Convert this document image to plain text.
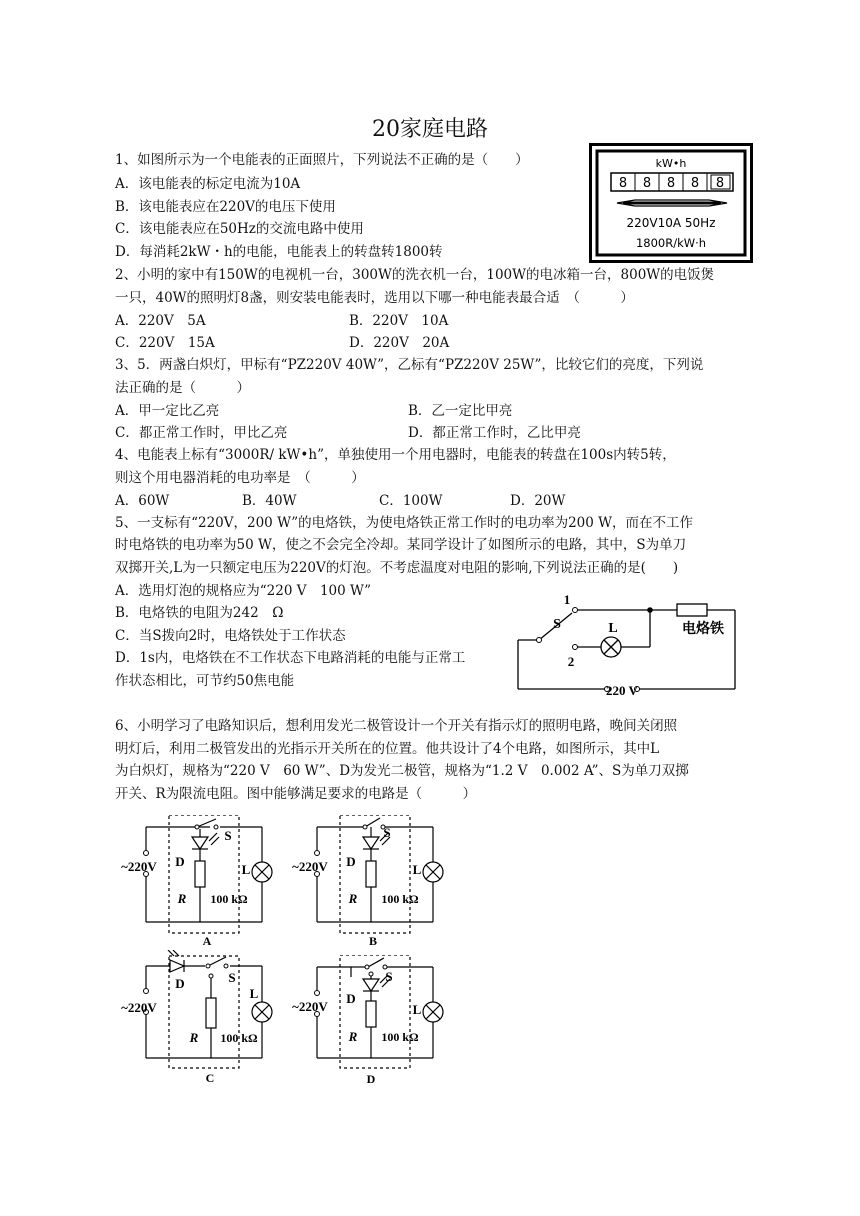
20家庭电路
1、如图所示为一个电能表的正面照片，下列说法不正确的是（　　）
A．该电能表的标定电流为10A
B．该电能表应在220V的电压下使用
C．该电能表应在50Hz的交流电路中使用
D．每消耗2kW・h的电能，电能表上的转盘转1800转
kW•h
8 8 8 8 8
220V10A 50Hz
1800R/kW·h
2、小明的家中有150W的电视机一台，300W的洗衣机一台，100W的电冰箱一台，800W的电饭煲
一只，40W的照明灯8盏，则安装电能表时，选用以下哪一种电能表最合适　（　　　）
A．220V　5A	B．220V　10A
C．220V　15A	D．220V　20A
3、5．两盏白炽灯，甲标有“PZ220V 40W”，乙标有“PZ220V 25W”，比较它们的亮度，下列说
法正确的是（　　　）
A．甲一定比乙亮	B．乙一定比甲亮
C．都正常工作时，甲比乙亮	D．都正常工作时，乙比甲亮
4、电能表上标有“3000R/ kW•h”，单独使用一个用电器时，电能表的转盘在100s内转5转，
则这个用电器消耗的电功率是　（　　　）
A．60W	B．40W	C．100W	D．20W
5、一支标有“220V，200 W”的电烙铁，为使电烙铁正常工作时的电功率为200 W，而在不工作
时电烙铁的电功率为50 W，使之不会完全冷却。某同学设计了如图所示的电路，其中，S为单刀
双掷开关,L为一只额定电压为220V的灯泡。不考虑温度对电阻的影响,下列说法正确的是(　　)
A．选用灯泡的规格应为“220 V　100 W”
B．电烙铁的电阻为242　Ω
C．当S拨向2时，电烙铁处于工作状态
D．1s内，电烙铁在不工作状态下电路消耗的电能与正常工
作状态相比，可节约50焦电能
S
1
2
L	电烙铁
220 V
6、小明学习了电路知识后，想利用发光二极管设计一个开关有指示灯的照明电路，晚间关闭照
明灯后，利用二极管发出的光指示开关所在的位置。他共设计了4个电路，如图所示，其中L
为白炽灯，规格为“220 V　60 W”、D为发光二极管，规格为“1.2 V　0.002 A”、S为单刀双掷
开关、R为限流电阻。图中能够满足要求的电路是（　　　）
~220V
S
D
R 100 kΩ
L
A
~220V
S
D
R 100 kΩ
L
B
~220V
S
D
R 100 kΩ
L
C
~220V
S
D
R 100 kΩ
L
D
